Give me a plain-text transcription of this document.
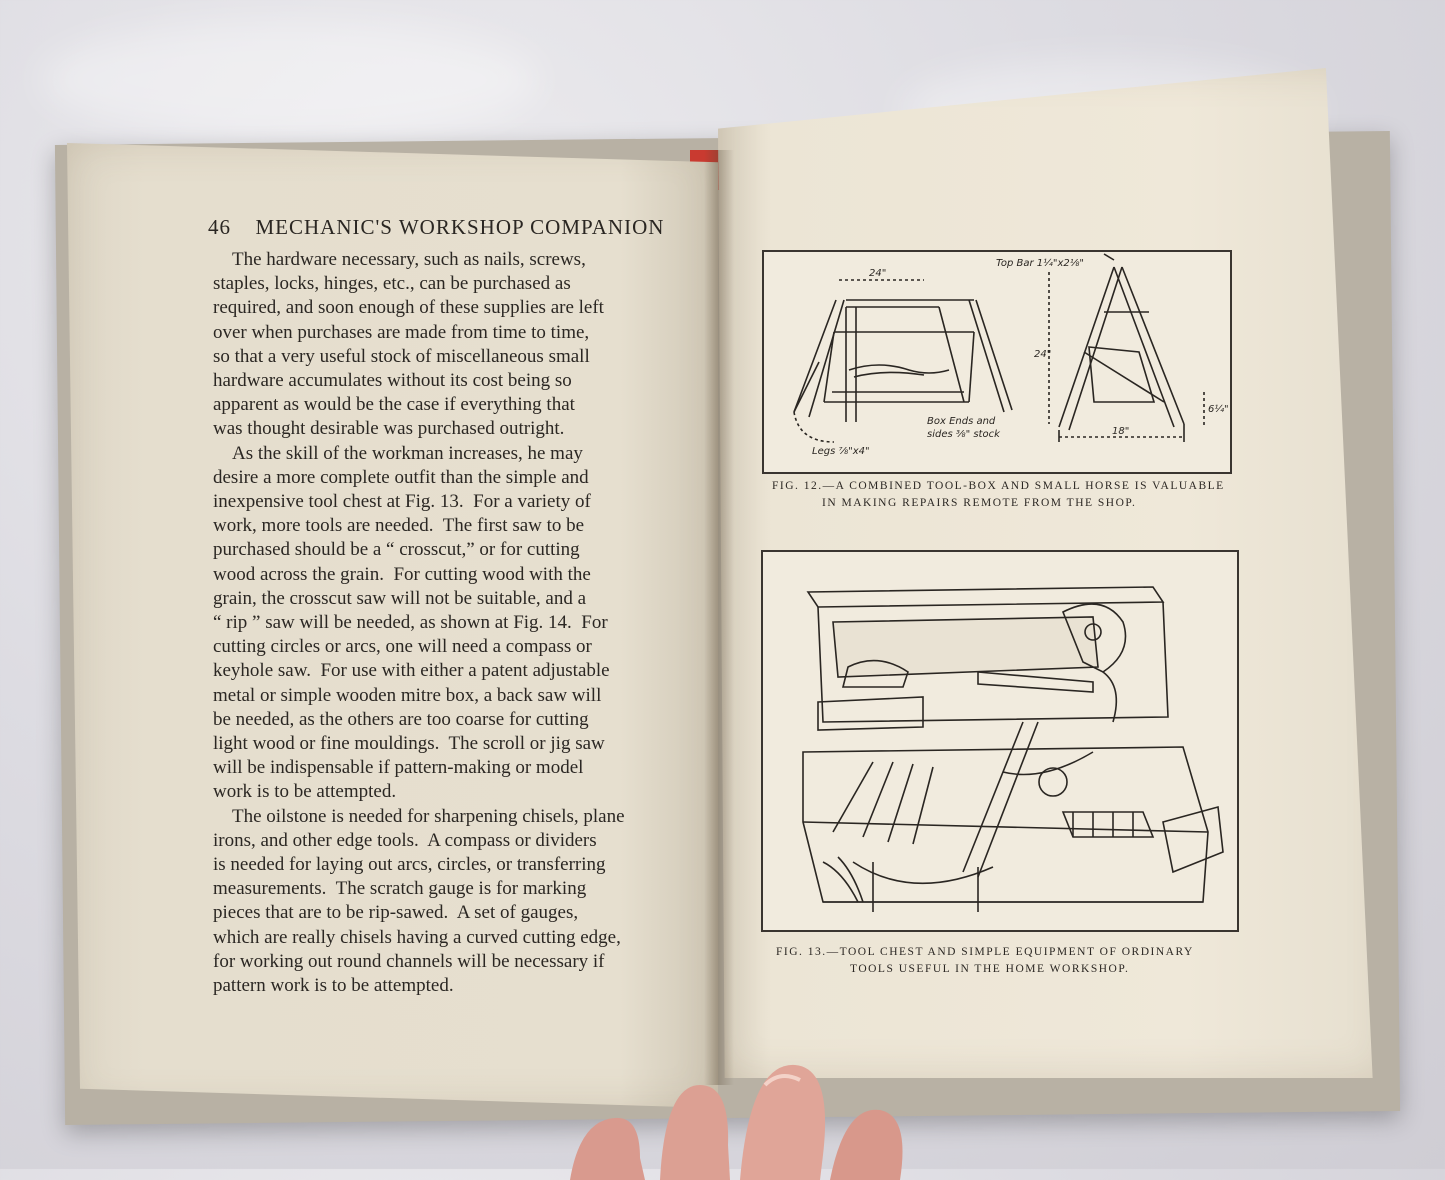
46 MECHANIC'S WORKSHOP COMPANION
The hardware necessary, such as nails, screws,
staples, locks, hinges, etc., can be purchased as
required, and soon enough of these supplies are left
over when purchases are made from time to time,
so that a very useful stock of miscellaneous small
hardware accumulates without its cost being so
apparent as would be the case if everything that
was thought desirable was purchased outright.
As the skill of the workman increases, he may
desire a more complete outfit than the simple and
inexpensive tool chest at Fig. 13.  For a variety of
work, more tools are needed.  The first saw to be
purchased should be a “ crosscut,” or for cutting
wood across the grain.  For cutting wood with the
grain, the crosscut saw will not be suitable, and a
“ rip ” saw will be needed, as shown at Fig. 14.  For
cutting circles or arcs, one will need a compass or
keyhole saw.  For use with either a patent adjustable
metal or simple wooden mitre box, a back saw will
be needed, as the others are too coarse for cutting
light wood or fine mouldings.  The scroll or jig saw
will be indispensable if pattern-making or model
work is to be attempted.
The oilstone is needed for sharpening chisels, plane
irons, and other edge tools.  A compass or dividers
is needed for laying out arcs, circles, or transferring
measurements.  The scratch gauge is for marking
pieces that are to be rip-sawed.  A set of gauges,
which are really chisels having a curved cutting edge,
for working out round channels will be necessary if
pattern work is to be attempted.
Top Bar 1¼"x2⅛"
24"
24"
Box Ends and
sides ⅜" stock
Legs ⅞"x4"
18"
6¼"
FIG. 12.—A COMBINED TOOL-BOX AND SMALL HORSE IS VALUABLE
IN MAKING REPAIRS REMOTE FROM THE SHOP.
FIG. 13.—TOOL CHEST AND SIMPLE EQUIPMENT OF ORDINARY
TOOLS USEFUL IN THE HOME WORKSHOP.
